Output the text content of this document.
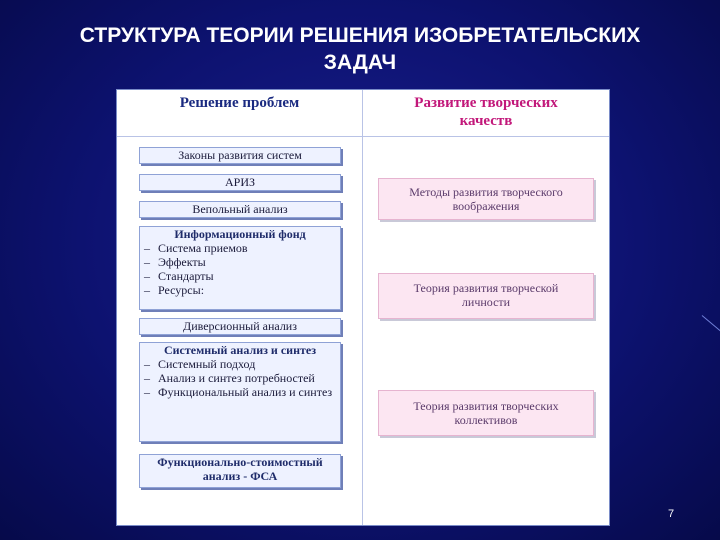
СТРУКТУРА ТЕОРИИ РЕШЕНИЯ ИЗОБРЕТАТЕЛЬСКИХ
ЗАДАЧ
Решение проблем	Развитие творческих
качеств
Законы развития систем
АРИЗ
Вепольный анализ
Информационный фонд
– Система приемов
– Эффекты
– Стандарты
– Ресурсы:
Диверсионный анализ
Системный анализ и синтез
– Системный подход
– Анализ и синтез потребностей
– Функциональный анализ и синтез
Функционально-стоимостный
анализ - ФСА
Методы развития творческого
воображения
Теория развития творческой
личности
Теория развития творческих
коллективов
7
